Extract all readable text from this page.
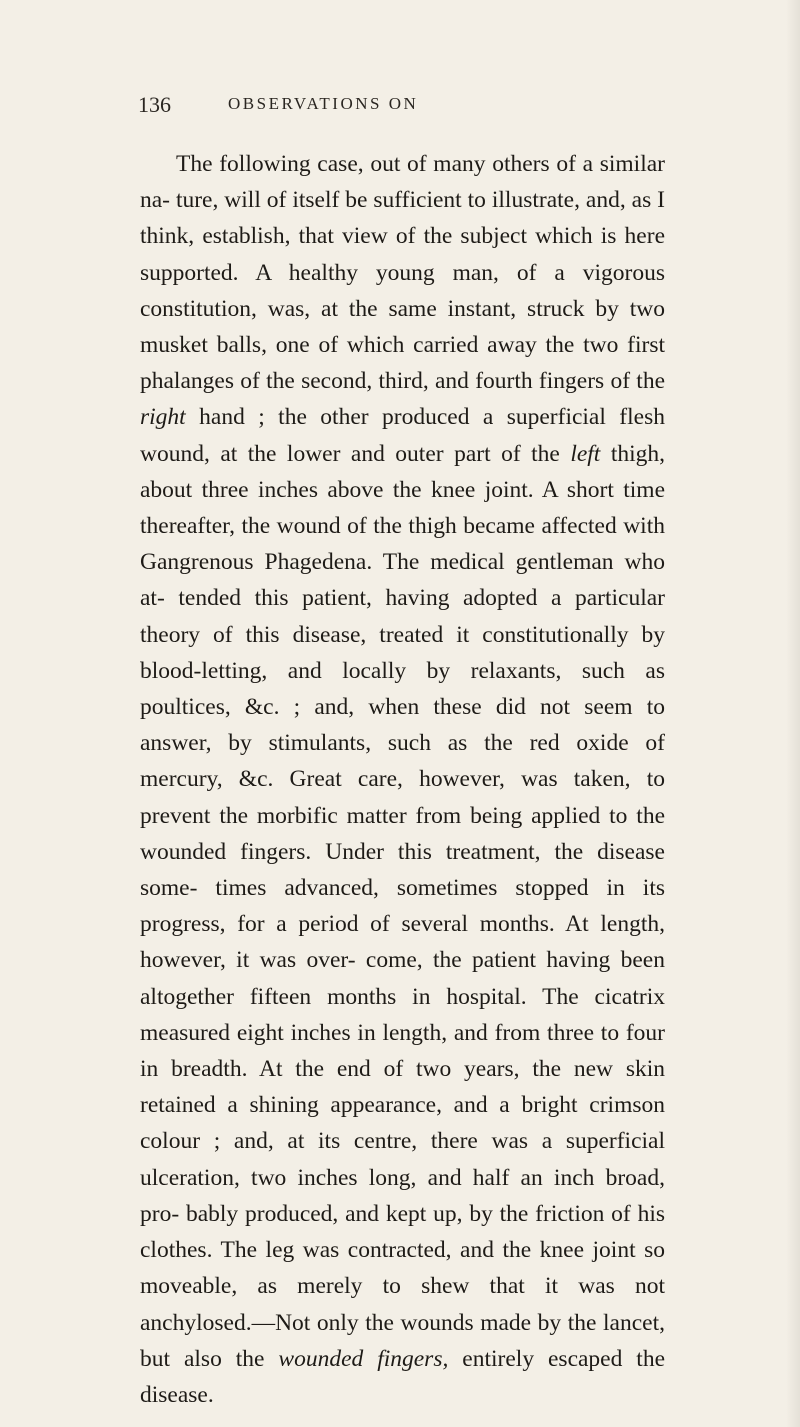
136	OBSERVATIONS ON

The following case, out of many others of a similar na- ture, will of itself be sufficient to illustrate, and, as I think, establish, that view of the subject which is here supported. A healthy young man, of a vigorous constitution, was, at the same instant, struck by two musket balls, one of which carried away the two first phalanges of the second, third, and fourth fingers of the right hand ; the other produced a superficial flesh wound, at the lower and outer part of the left thigh, about three inches above the knee joint. A short time thereafter, the wound of the thigh became affected with Gangrenous Phagedena. The medical gentleman who at- tended this patient, having adopted a particular theory of this disease, treated it constitutionally by blood-letting, and locally by relaxants, such as poultices, &c. ; and, when these did not seem to answer, by stimulants, such as the red oxide of mercury, &c. Great care, however, was taken, to prevent the morbific matter from being applied to the wounded fingers. Under this treatment, the disease some- times advanced, sometimes stopped in its progress, for a period of several months. At length, however, it was over- come, the patient having been altogether fifteen months in hospital. The cicatrix measured eight inches in length, and from three to four in breadth. At the end of two years, the new skin retained a shining appearance, and a bright crimson colour ; and, at its centre, there was a superficial ulceration, two inches long, and half an inch broad, pro- bably produced, and kept up, by the friction of his clothes. The leg was contracted, and the knee joint so moveable, as merely to shew that it was not anchylosed.—Not only the wounds made by the lancet, but also the wounded fingers, entirely escaped the disease.
